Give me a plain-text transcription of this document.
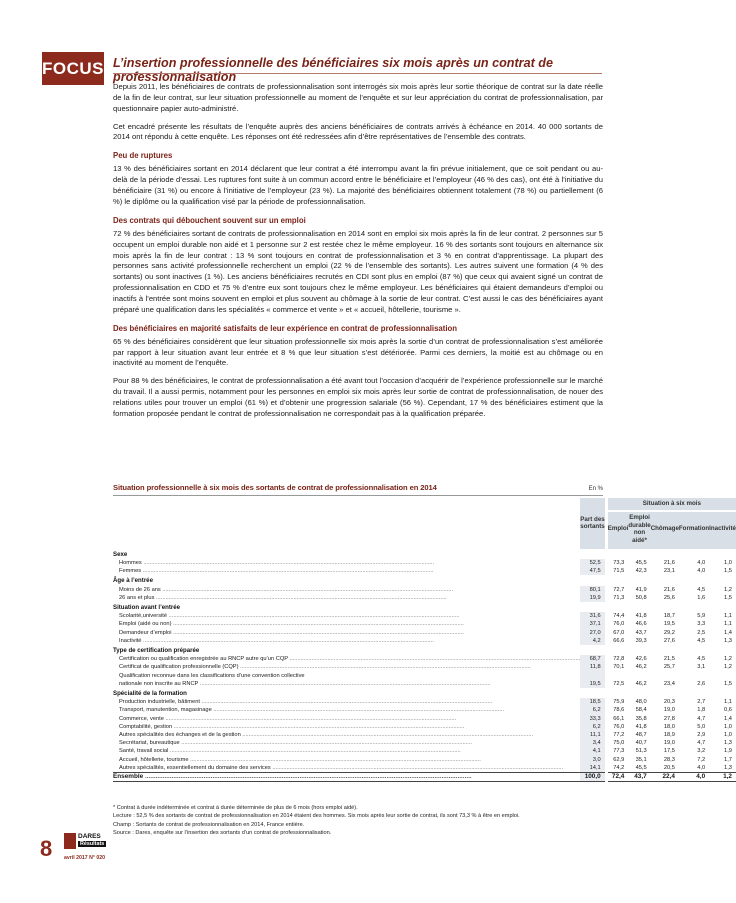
FOCUS L’insertion professionnelle des bénéficiaires six mois après un contrat de professionnalisation

Depuis 2011, les bénéficiaires de contrats de professionnalisation sont interrogés six mois après leur sortie théorique de contrat sur la date réelle de la fin de leur contrat, sur leur situation professionnelle au moment de l’enquête et sur leur appréciation du contrat de professionnalisation, par questionnaire papier auto-administré.

Cet encadré présente les résultats de l’enquête auprès des anciens bénéficiaires de contrats arrivés à échéance en 2014. 40 000 sortants de 2014 ont répondu à cette enquête. Les réponses ont été redressées afin d’être représentatives de l’ensemble des contrats.

Peu de ruptures

13 % des bénéficiaires sortant en 2014 déclarent que leur contrat a été interrompu avant la fin prévue initialement, que ce soit pendant ou au-delà de la période d’essai. Les ruptures font suite à un commun accord entre le bénéficiaire et l’employeur (46 % des cas), ont été à l’initiative du bénéficiaire (31 %) ou encore à l’initiative de l’employeur (23 %). La majorité des bénéficiaires obtiennent totalement (78 %) ou partiellement (6 %) le diplôme ou la qualification visé par la période de professionnalisation.

Des contrats qui débouchent souvent sur un emploi

72 % des bénéficiaires sortant de contrats de professionnalisation en 2014 sont en emploi six mois après la fin de leur contrat. 2 personnes sur 5 occupent un emploi durable non aidé et 1 personne sur 2 est restée chez le même employeur. 16 % des sortants sont toujours en alternance six mois après la fin de leur contrat : 13 % sont toujours en contrat de professionnalisation et 3 % en contrat d’apprentissage. La plupart des personnes sans activité professionnelle recherchent un emploi (22 % de l’ensemble des sortants). Les autres suivent une formation (4 % des sortants) ou sont inactives (1 %). Les anciens bénéficiaires recrutés en CDI sont plus en emploi (87 %) que ceux qui avaient signé un contrat de professionnalisation en CDD et 75 % d’entre eux sont toujours chez le même employeur. Les bénéficiaires qui étaient demandeurs d’emploi ou inactifs à l’entrée sont moins souvent en emploi et plus souvent au chômage à la sortie de leur contrat. C’est aussi le cas des bénéficiaires ayant préparé une qualification dans les spécialités « commerce et vente » et « accueil, hôtellerie, tourisme ».

Des bénéficiaires en majorité satisfaits de leur expérience en contrat de professionnalisation

65 % des bénéficiaires considèrent que leur situation professionnelle six mois après la sortie d’un contrat de professionnalisation s’est améliorée par rapport à leur situation avant leur entrée et 8 % que leur situation s’est détériorée. Parmi ces derniers, la moitié est au chômage ou en inactivité au moment de l’enquête.

Pour 88 % des bénéficiaires, le contrat de professionnalisation a été avant tout l’occasion d’acquérir de l’expérience professionnelle sur le marché du travail. Il a aussi permis, notamment pour les personnes en emploi six mois après leur sortie de contrat de professionnalisation, de nouer des relations utiles pour trouver un emploi (61 %) et d’obtenir une progression salariale (56 %). Cependant, 17 % des bénéficiaires estiment que la formation proposée pendant le contrat de professionnalisation ne correspondait pas à la qualification préparée.

Situation professionnelle à six mois des sortants de contrat de professionnalisation en 2014	En %
	Part des sortants	Situation à six mois				
		Emploi	Emploi durable non aidé*	Chômage	Formation	Inactivité
Sexe						
Hommes .....	52,5	73,3	45,5	21,6	4,0	1,0
Femmes .....	47,5	71,5	42,3	23,1	4,0	1,5
Âge à l’entrée						
Moins de 26 ans .....	80,1	72,7	41,9	21,6	4,5	1,2
26 ans et plus .....	19,9	71,3	50,8	25,6	1,6	1,5
Situation avant l’entrée						
Scolarité,université .....	31,6	74,4	41,8	18,7	5,9	1,1
Emploi (aidé ou non) .....	37,1	76,0	46,6	19,5	3,3	1,1
Demandeur d’emploi .....	27,0	67,0	43,7	29,2	2,5	1,4
Inactivité .....	4,2	66,6	39,3	27,6	4,5	1,3
Type de certification préparée						
Certification ou qualification enregistrée au RNCP autre qu’un CQP .....	68,7	72,8	42,6	21,5	4,5	1,2
Certificat de qualification professionnelle (CQP) .....	11,8	70,1	46,2	25,7	3,1	1,2
Qualification reconnue dans les classifications d’une convention collective						
nationale non inscrite au RNCP .....	19,5	72,5	46,2	23,4	2,6	1,5
Spécialité de la formation						
Production industrielle, bâtiment .....	18,5	75,9	48,0	20,3	2,7	1,1
Transport, manutention, magasinage .....	6,2	78,6	58,4	19,0	1,8	0,6
Commerce, vente .....	33,3	66,1	35,8	27,8	4,7	1,4
Comptabilité, gestion .....	6,2	76,0	41,8	18,0	5,0	1,0
Autres spécialités des échanges et de la gestion .....	11,1	77,2	48,7	18,9	2,9	1,0
Secrétariat, bureautique .....	3,4	75,0	40,7	19,0	4,7	1,3
Santé, travail social .....	4,1	77,3	51,3	17,5	3,2	1,9
Accueil, hôtellerie, tourisme .....	3,0	62,9	35,1	28,3	7,2	1,7
Autres spécialités, essentiellement du domaine des services .....	14,1	74,2	45,5	20,5	4,0	1,3
Ensemble .....	100,0	72,4	43,7	22,4	4,0	1,2
* Contrat à durée indéterminée et contrat à durée déterminée de plus de 6 mois (hors emploi aidé).
Lecture : 52,5 % des sortants de contrat de professionnalisation en 2014 étaient des hommes. Six mois après leur sortie de contrat, ils sont 73,3 % à être en emploi.
Champ : Sortants de contrat de professionnalisation en 2014, France entière.
Source : Dares, enquête sur l’insertion des sortants d’un contrat de professionnalisation.
8	DARES
Résultats
avril 2017 N° 020
